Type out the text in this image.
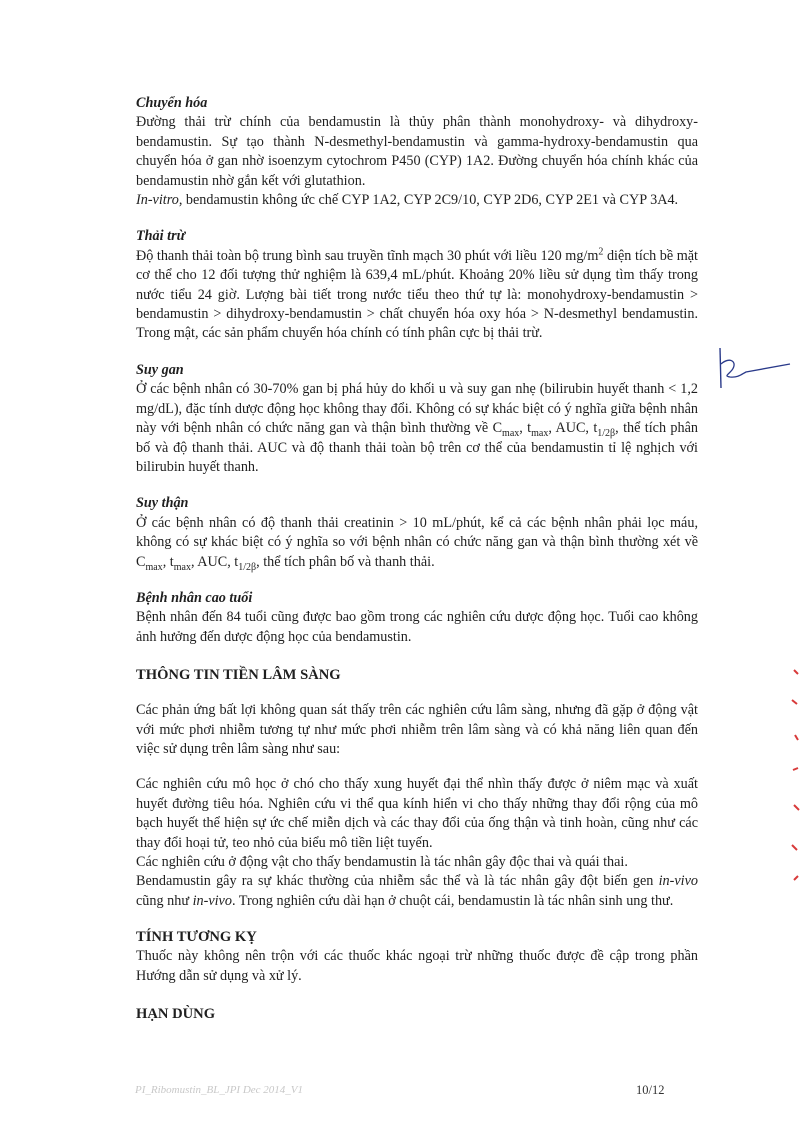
Chuyển hóa

Đường thải trừ chính của bendamustin là thủy phân thành monohydroxy- và dihydroxy-bendamustin. Sự tạo thành N-desmethyl-bendamustin và gamma-hydroxy-bendamustin qua chuyển hóa ở gan nhờ isoenzym cytochrom P450 (CYP) 1A2. Đường chuyển hóa chính khác của bendamustin nhờ gắn kết với glutathion.

In-vitro, bendamustin không ức chế CYP 1A2, CYP 2C9/10, CYP 2D6, CYP 2E1 và CYP 3A4.

Thải trừ

Độ thanh thải toàn bộ trung bình sau truyền tĩnh mạch 30 phút với liều 120 $mg/m^2$ diện tích bề mặt cơ thể cho 12 đối tượng thử nghiệm là 639,4 mL/phút. Khoảng 20% liều sử dụng tìm thấy trong nước tiểu 24 giờ. Lượng bài tiết trong nước tiểu theo thứ tự là: monohydroxy-bendamustin > bendamustin > dihydroxy-bendamustin > chất chuyển hóa oxy hóa > N-desmethyl bendamustin. Trong mật, các sản phẩm chuyển hóa chính có tính phân cực bị thải trừ.

Suy gan

Ở các bệnh nhân có 30-70% gan bị phá hủy do khối u và suy gan nhẹ (bilirubin huyết thanh < 1,2 mg/dL), đặc tính dược động học không thay đổi. Không có sự khác biệt có ý nghĩa giữa bệnh nhân này với bệnh nhân có chức năng gan và thận bình thường về $C_{max}$, $t_{max}$, AUC, $t_{1/2\beta}$, thể tích phân bố và độ thanh thải. AUC và độ thanh thải toàn bộ trên cơ thể của bendamustin tỉ lệ nghịch với bilirubin huyết thanh.

Suy thận

Ở các bệnh nhân có độ thanh thải creatinin > 10 mL/phút, kể cả các bệnh nhân phải lọc máu, không có sự khác biệt có ý nghĩa so với bệnh nhân có chức năng gan và thận bình thường xét về $C_{max}$, $t_{max}$, AUC, $t_{1/2\beta}$, thể tích phân bố và thanh thải.

Bệnh nhân cao tuổi

Bệnh nhân đến 84 tuổi cũng được bao gồm trong các nghiên cứu dược động học. Tuổi cao không ảnh hưởng đến dược động học của bendamustin.

THÔNG TIN TIỀN LÂM SÀNG

Các phản ứng bất lợi không quan sát thấy trên các nghiên cứu lâm sàng, nhưng đã gặp ở động vật với mức phơi nhiễm tương tự như mức phơi nhiễm trên lâm sàng và có khả năng liên quan đến việc sử dụng trên lâm sàng như sau:

Các nghiên cứu mô học ở chó cho thấy xung huyết đại thể nhìn thấy được ở niêm mạc và xuất huyết đường tiêu hóa. Nghiên cứu vi thể qua kính hiển vi cho thấy những thay đổi rộng của mô bạch huyết thể hiện sự ức chế miễn dịch và các thay đổi của ống thận và tinh hoàn, cũng như các thay đổi hoại tử, teo nhỏ của biểu mô tiền liệt tuyến.

Các nghiên cứu ở động vật cho thấy bendamustin là tác nhân gây độc thai và quái thai.

Bendamustin gây ra sự khác thường của nhiễm sắc thể và là tác nhân gây đột biến gen in-vivo cũng như in-vivo. Trong nghiên cứu dài hạn ở chuột cái, bendamustin là tác nhân sinh ung thư.

TÍNH TƯƠNG KỴ

Thuốc này không nên trộn với các thuốc khác ngoại trừ những thuốc được đề cập trong phần Hướng dẫn sử dụng và xử lý.

HẠN DÙNG
PI_Ribomustin_BL_JPI Dec 2014_V1	10/12
